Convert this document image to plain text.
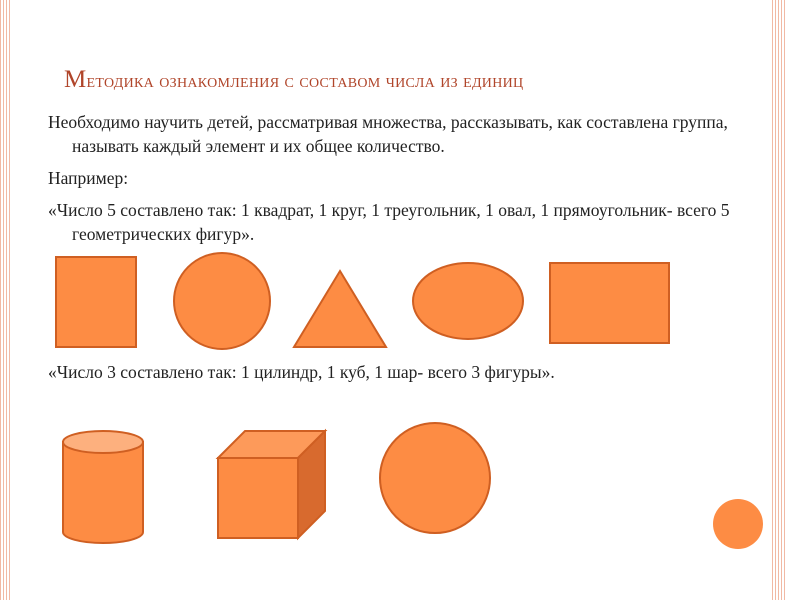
Методика ознакомления с составом числа из единиц

Необходимо научить детей, рассматривая множества, рассказывать, как составлена группа, называть каждый элемент и их общее количество.

Например:

«Число 5 составлено так: 1 квадрат, 1 круг, 1 треугольник, 1 овал, 1 прямоугольник- всего 5 геометрических фигур».

«Число 3 составлено так: 1 цилиндр, 1 куб, 1 шар- всего 3 фигуры».
